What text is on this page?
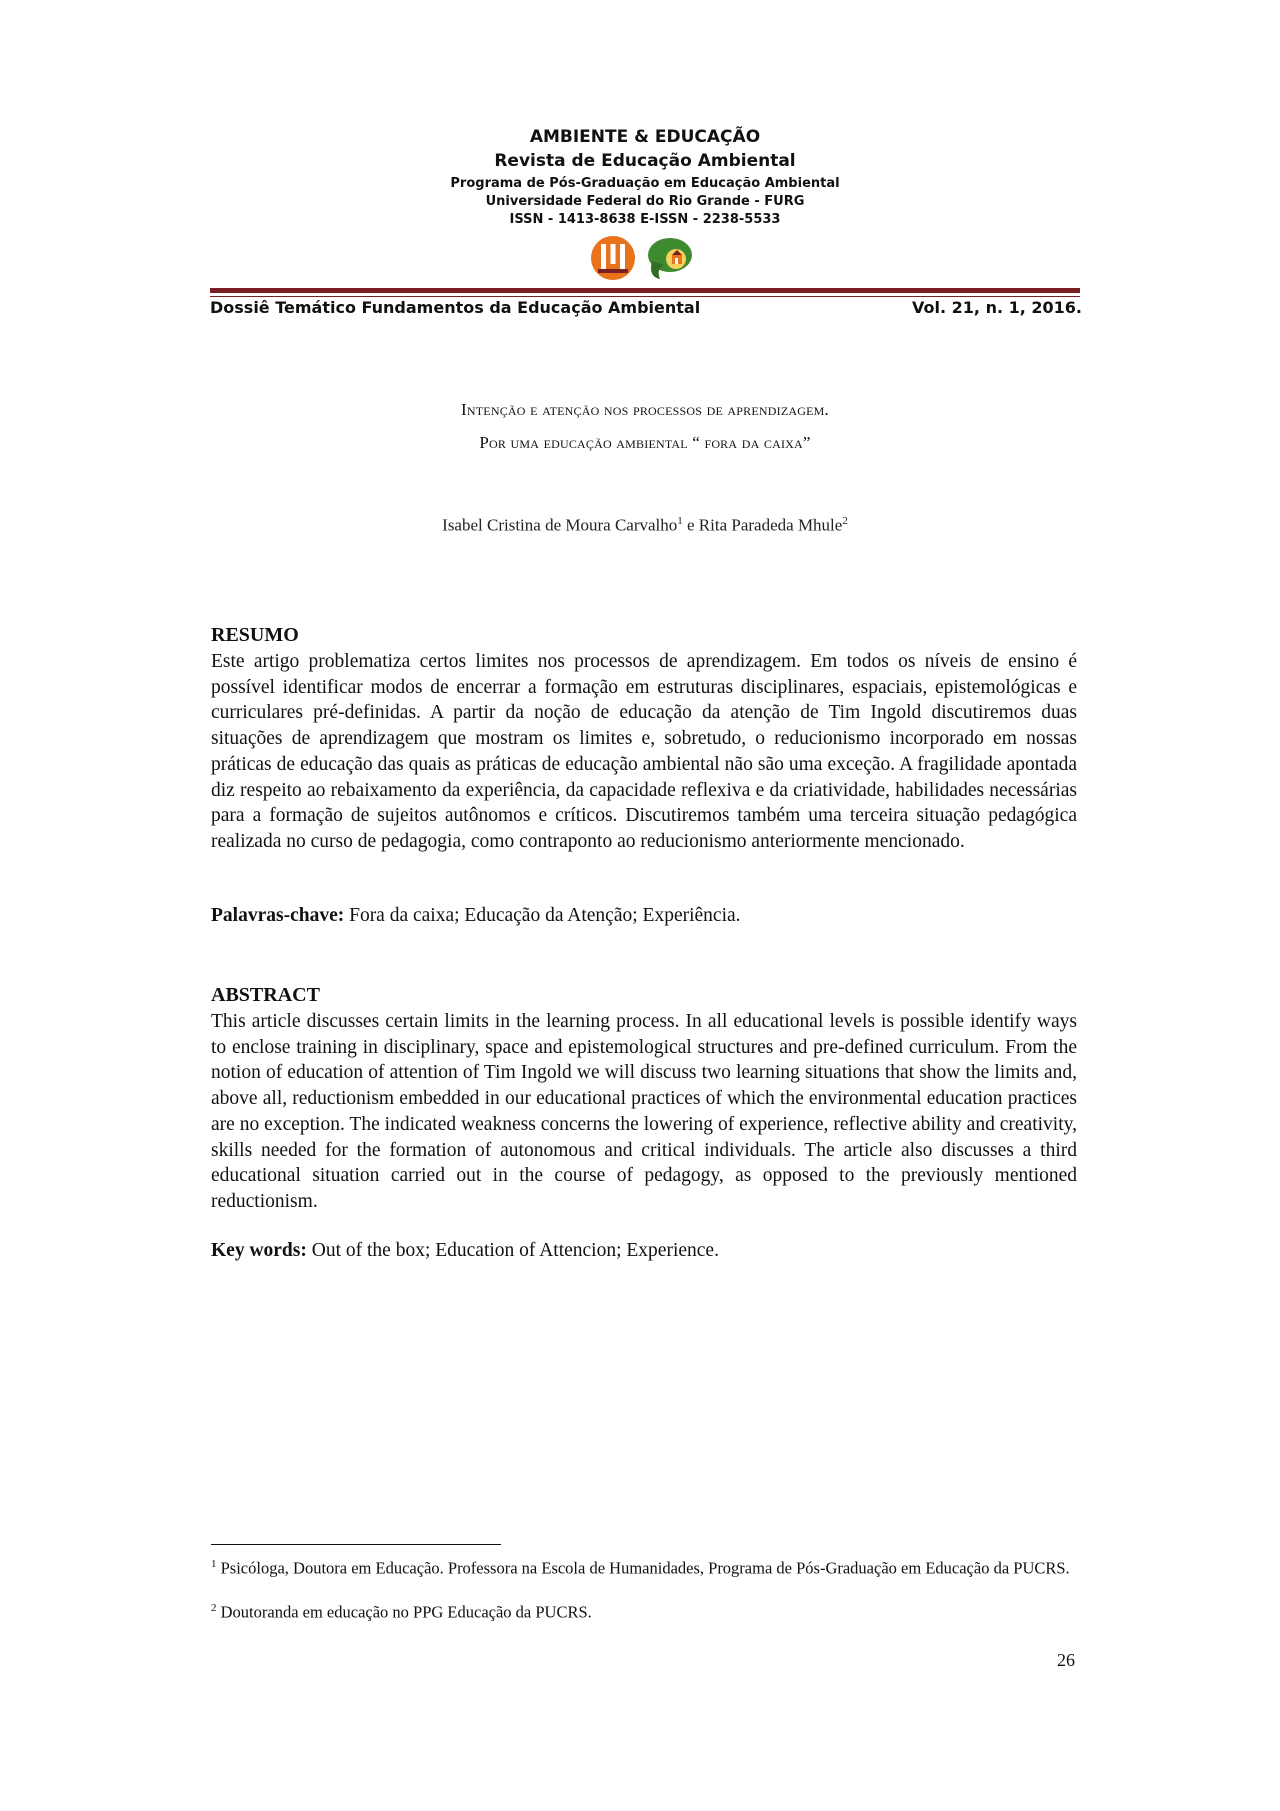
AMBIENTE & EDUCAÇÃO
Revista de Educação Ambiental
Programa de Pós-Graduação em Educação Ambiental
Universidade Federal do Rio Grande - FURG
ISSN - 1413-8638 E-ISSN - 2238-5533
Dossiê Temático Fundamentos da Educação Ambiental	Vol. 21, n. 1, 2016.
Intenção e atenção nos processos de aprendizagem.
Por uma educação ambiental “ fora da caixa”
Isabel Cristina de Moura Carvalho$^1$ e Rita Paradeda Mhule$^2$
RESUMO
Este artigo problematiza certos limites nos processos de aprendizagem. Em todos os níveis de ensino é possível identificar modos de encerrar a formação em estruturas disciplinares, espaciais, epistemológicas e curriculares pré-definidas. A partir da noção de educação da atenção de Tim Ingold discutiremos duas situações de aprendizagem que mostram os limites e, sobretudo, o reducionismo incorporado em nossas práticas de educação das quais as práticas de educação ambiental não são uma exceção. A fragilidade apontada diz respeito ao rebaixamento da experiência, da capacidade reflexiva e da criatividade, habilidades necessárias para a formação de sujeitos autônomos e críticos. Discutiremos também uma terceira situação pedagógica realizada no curso de pedagogia, como contraponto ao reducionismo anteriormente mencionado.
Palavras-chave: Fora da caixa; Educação da Atenção; Experiência.
ABSTRACT
This article discusses certain limits in the learning process. In all educational levels is possible identify ways to enclose training in disciplinary, space and epistemological structures and pre-defined curriculum. From the notion of education of attention of Tim Ingold we will discuss two learning situations that show the limits and, above all, reductionism embedded in our educational practices of which the environmental education practices are no exception. The indicated weakness concerns the lowering of experience, reflective ability and creativity, skills needed for the formation of autonomous and critical individuals. The article also discusses a third educational situation carried out in the course of pedagogy, as opposed to the previously mentioned reductionism.
Key words: Out of the box; Education of Attencion; Experience.
$^1$ Psicóloga, Doutora em Educação. Professora na Escola de Humanidades, Programa de Pós-Graduação em Educação da PUCRS.
$^2$ Doutoranda em educação no PPG Educação da PUCRS.
26
